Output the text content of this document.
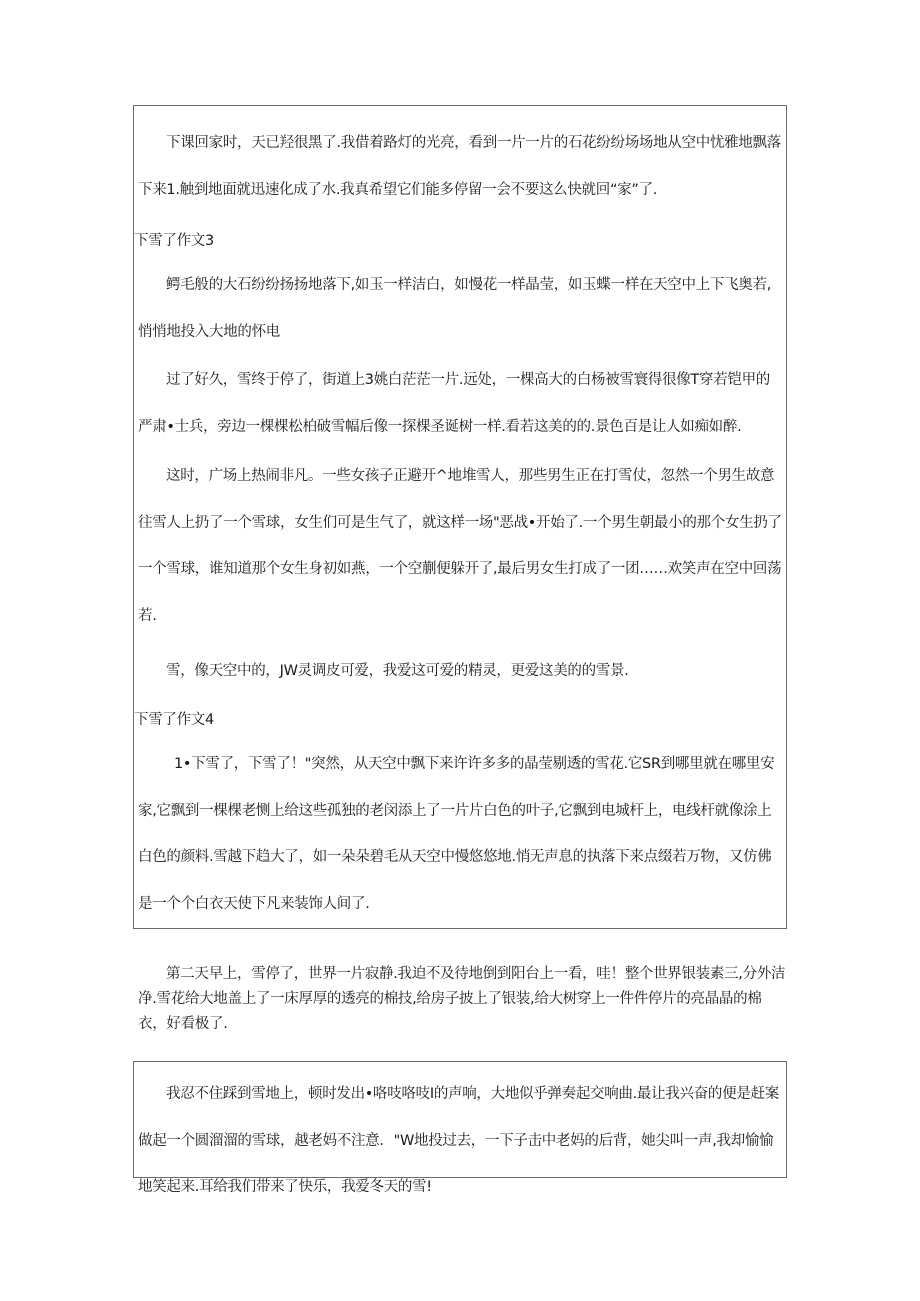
下课回家时，天已羟很黑了.我借着路灯的光亮，看到一片一片的石花纷纷场场地从空中忧雅地飘落下来1.触到地面就迅速化成了水.我真希望它们能多停留一会不要这么快就回“家”了.

下雪了作文3

鳄毛般的大石纷纷扬扬地落下,如玉一样洁白，如慢花一样晶莹，如玉蝶一样在天空中上下飞奥若,悄悄地投入大地的怀电

过了好久，雪终于停了，街道上3姚白茫茫一片.远处，一棵高大的白杨被雪寰得很像T穿若铠甲的严肃•士兵，旁边一棵棵松柏破雪幅后像一探棵圣诞树一样.看若这美的的.景色百是让人如痴如醉.

这时，广场上热闹非凡。一些女孩子正避开^地堆雪人，那些男生正在打雪仗，忽然一个男生故意往雪人上扔了一个雪球，女生们可是生气了，就这样一场"恶战•开始了.一个男生朝最小的那个女生扔了一个雪球，谁知道那个女生身初如燕，一个空蒯便躲开了,最后男女生打成了一团……欢笑声在空中回荡若.

雪，像天空中的，JW灵调皮可爱，我爱这可爱的精灵，更爱这美的的雪景.

下雪了作文4

1•下雪了，下雪了！"突然，从天空中飘下来许许多多的晶莹剔透的雪花.它SR到哪里就在哪里安家,它飘到一棵棵老恻上给这些孤独的老闵添上了一片片白色的叶子,它飘到电城杆上，电线杆就像涂上白色的颜料.雪越下趋大了，如一朵朵碧毛从天空中慢悠悠地.悄无声息的执落下来点缀若万物，又仿佛是一个个白衣天使下凡来装饰人间了.

第二天早上，雪停了，世界一片寂静.我迫不及待地倒到阳台上一看，哇！整个世界银装素三,分外洁净.雪花给大地盖上了一床厚厚的透亮的棉技,给房子披上了银装,给大树穿上一件件停片的亮晶晶的棉衣，好看极了.

我忍不住踩到雪地上，顿时发出•咯吱咯吱I的声响，大地似乎弹奏起交响曲.最让我兴奋的便是赶案做起一个圆溜溜的雪球，越老妈不注意．"W地投过去，一下子击中老妈的后背，她尖叫一声,我却愉愉地笑起来.耳给我们带来了快乐，我爱冬天的雪!
